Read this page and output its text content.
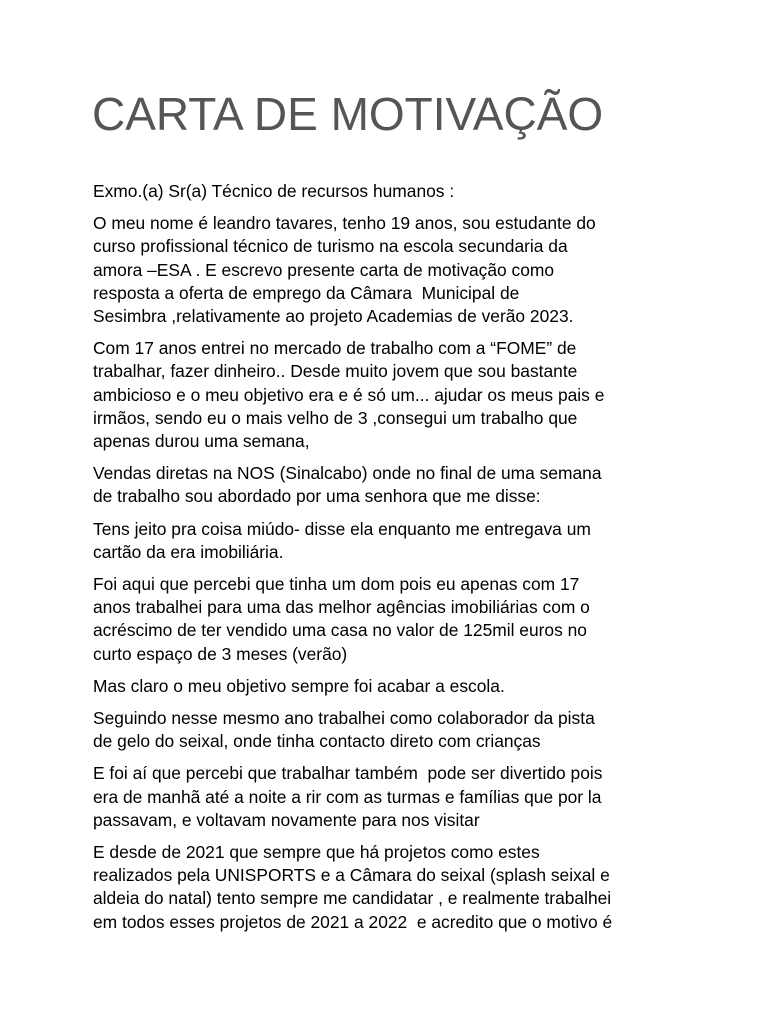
CARTA DE MOTIVAÇÃO

Exmo.(a) Sr(a) Técnico de recursos humanos :

O meu nome é leandro tavares, tenho 19 anos, sou estudante do
curso profissional técnico de turismo na escola secundaria da
amora –ESA . E escrevo presente carta de motivação como
resposta a oferta de emprego da Câmara  Municipal de
Sesimbra ,relativamente ao projeto Academias de verão 2023.

Com 17 anos entrei no mercado de trabalho com a “FOME” de
trabalhar, fazer dinheiro.. Desde muito jovem que sou bastante
ambicioso e o meu objetivo era e é só um... ajudar os meus pais e
irmãos, sendo eu o mais velho de 3 ,consegui um trabalho que
apenas durou uma semana,

Vendas diretas na NOS (Sinalcabo) onde no final de uma semana
de trabalho sou abordado por uma senhora que me disse:

Tens jeito pra coisa miúdo- disse ela enquanto me entregava um
cartão da era imobiliária.

Foi aqui que percebi que tinha um dom pois eu apenas com 17
anos trabalhei para uma das melhor agências imobiliárias com o
acréscimo de ter vendido uma casa no valor de 125mil euros no
curto espaço de 3 meses (verão)

Mas claro o meu objetivo sempre foi acabar a escola.

Seguindo nesse mesmo ano trabalhei como colaborador da pista
de gelo do seixal, onde tinha contacto direto com crianças

E foi aí que percebi que trabalhar também  pode ser divertido pois
era de manhã até a noite a rir com as turmas e famílias que por la
passavam, e voltavam novamente para nos visitar

E desde de 2021 que sempre que há projetos como estes
realizados pela UNISPORTS e a Câmara do seixal (splash seixal e
aldeia do natal) tento sempre me candidatar , e realmente trabalhei
em todos esses projetos de 2021 a 2022  e acredito que o motivo é
